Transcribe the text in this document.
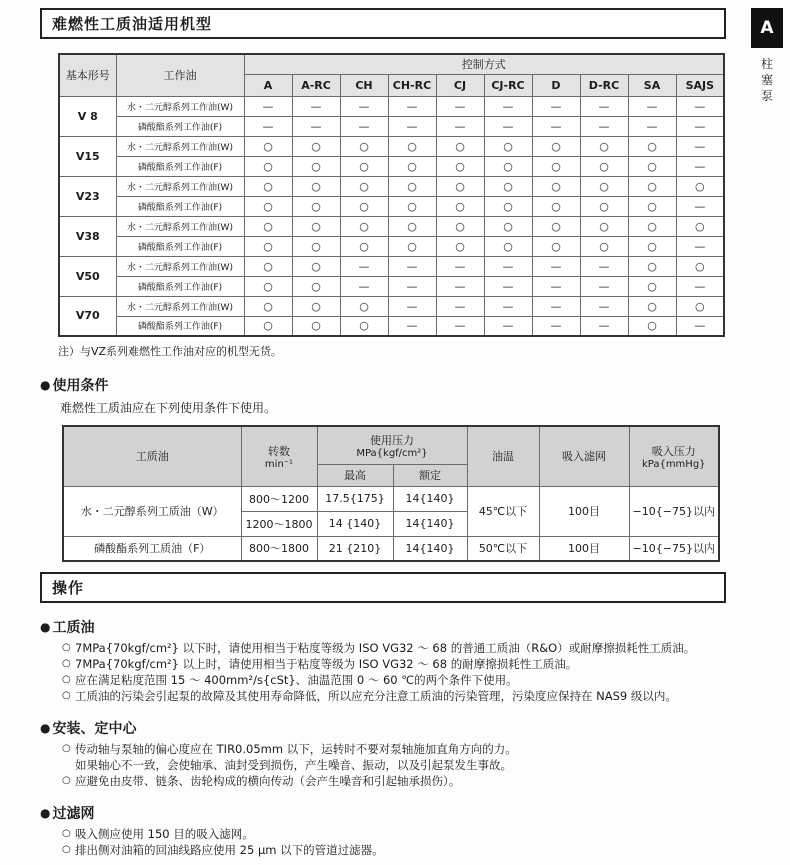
A
柱塞泵
难燃性工质油适用机型
基本形号	工作油	控制方式									
		A	A-RC	CH	CH-RC	CJ	CJ-RC	D	D-RC	SA	SAJS
V 8	水・二元醇系列工作油(W)	—	—	—	—	—	—	—	—	—	—
	磷酸酯系列工作油(F)	—	—	—	—	—	—	—	—	—	—
V15	水・二元醇系列工作油(W)	○	○	○	○	○	○	○	○	○	—
	磷酸酯系列工作油(F)	○	○	○	○	○	○	○	○	○	—
V23	水・二元醇系列工作油(W)	○	○	○	○	○	○	○	○	○	○
	磷酸酯系列工作油(F)	○	○	○	○	○	○	○	○	○	—
V38	水・二元醇系列工作油(W)	○	○	○	○	○	○	○	○	○	○
	磷酸酯系列工作油(F)	○	○	○	○	○	○	○	○	○	—
V50	水・二元醇系列工作油(W)	○	○	—	—	—	—	—	—	○	○
	磷酸酯系列工作油(F)	○	○	—	—	—	—	—	—	○	—
V70	水・二元醇系列工作油(W)	○	○	○	—	—	—	—	—	○	○
	磷酸酯系列工作油(F)	○	○	○	—	—	—	—	—	○	—
注）与VZ系列难燃性工作油对应的机型无货。
● 使用条件
难燃性工质油应在下列使用条件下使用。
工质油	转数
min⁻¹

使用压力
MPa{kgf/cm²}	油温	吸入滤网	吸入压力
kPa{mmHg}

		最高	额定			
水・二元醇系列工质油（W）	800～1200	17.5{175}	14{140}	45℃以下	100目	−10{−75}以内
	1200～1800	14 {140}	14{140}			
磷酸酯系列工质油（F）	800～1800	21 {210}	14{140}	50℃以下	100目	−10{−75}以内
操作
● 工质油
○ 7MPa{70kgf/cm²} 以下时，请使用相当于粘度等级为 ISO VG32 ～ 68 的普通工质油（R&O）或耐摩擦损耗性工质油。
○ 7MPa{70kgf/cm²} 以上时，请使用相当于粘度等级为 ISO VG32 ～ 68 的耐摩擦损耗性工质油。
○ 应在满足粘度范围 15 ～ 400mm²/s{cSt}、油温范围 0 ～ 60 ℃的两个条件下使用。
○ 工质油的污染会引起泵的故障及其使用寿命降低，所以应充分注意工质油的污染管理，污染度应保持在 NAS9 级以内。
● 安装、定中心
○ 传动轴与泵轴的偏心度应在 TIR0.05mm 以下，运转时不要对泵轴施加直角方向的力。
如果轴心不一致，会使轴承、油封受到损伤，产生噪音、振动，以及引起泵发生事故。
○ 应避免由皮带、链条、齿轮构成的横向传动（会产生噪音和引起轴承损伤）。
● 过滤网
○ 吸入侧应使用 150 目的吸入滤网。
○ 排出侧对油箱的回油线路应使用 25 μm 以下的管道过滤器。
